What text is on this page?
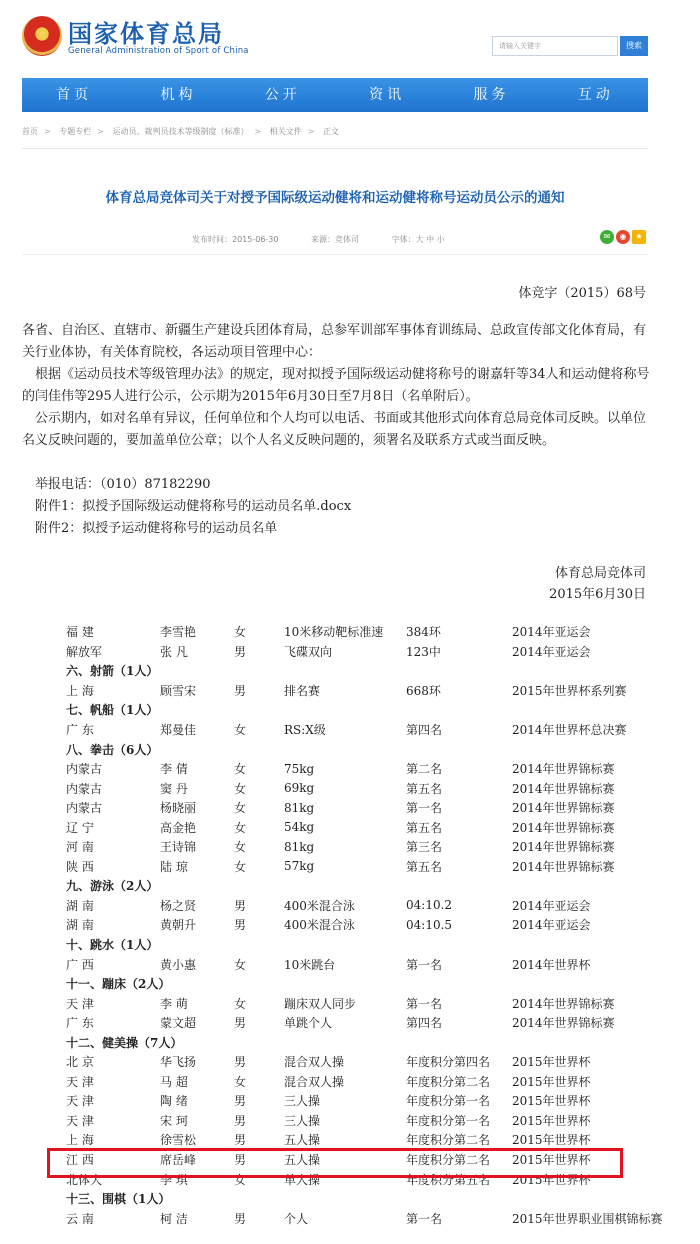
★ 国家体育总局
General Administration of Sport of China	请输入关键字	搜索
首页	机构	公开	资讯	服务	互动
首页 > 专题专栏 > 运动员、裁判员技术等级制度（标准） > 相关文件 > 正文
体育总局竞体司关于对授予国际级运动健将和运动健将称号运动员公示的通知
发布时间：2015-06-30	来源：竞体司	字体：大 中 小	✉	◉	★
体竞字（2015）68号
各省、自治区、直辖市、新疆生产建设兵团体育局，总参军训部军事体育训练局、总政宣传部文化体育局，有关行业体协，有关体育院校，各运动项目管理中心：
根据《运动员技术等级管理办法》的规定，现对拟授予国际级运动健将称号的谢嘉轩等34人和运动健将称号的闫佳伟等295人进行公示，公示期为2015年6月30日至7月8日（名单附后）。
公示期内，如对名单有异议，任何单位和个人均可以电话、书面或其他形式向体育总局竞体司反映。以单位名义反映问题的，要加盖单位公章；以个人名义反映问题的，须署名及联系方式或当面反映。
举报电话：（010）87182290
附件1：拟授予国际级运动健将称号的运动员名单.docx
附件2：拟授予运动健将称号的运动员名单
体育总局竞体司
2015年6月30日
福 建	李雪艳	女	10米移动靶标准速	384环	2014年亚运会
解放军	张 凡	男	飞碟双向	123中	2014年亚运会
六、射箭（1人）					
上 海	顾雪宋	男	排名赛	668环	2015年世界杯系列赛
七、帆船（1人）					
广 东	郑曼佳	女	RS:X级	第四名	2014年世界杯总决赛
八、拳击（6人）					
内蒙古	李 倩	女	75kg	第二名	2014年世界锦标赛
内蒙古	窦 丹	女	69kg	第五名	2014年世界锦标赛
内蒙古	杨晓丽	女	81kg	第一名	2014年世界锦标赛
辽 宁	高金艳	女	54kg	第五名	2014年世界锦标赛
河 南	王诗锦	女	81kg	第三名	2014年世界锦标赛
陕 西	陆 琼	女	57kg	第五名	2014年世界锦标赛
九、游泳（2人）					
湖 南	杨之贤	男	400米混合泳	04:10.2	2014年亚运会
湖 南	黄朝升	男	400米混合泳	04:10.5	2014年亚运会
十、跳水（1人）					
广 西	黄小惠	女	10米跳台	第一名	2014年世界杯
十一、蹦床（2人）					
天 津	李 萌	女	蹦床双人同步	第一名	2014年世界锦标赛
广 东	蒙文超	男	单跳个人	第四名	2014年世界锦标赛
十二、健美操（7人）					
北 京	华飞扬	男	混合双人操	年度积分第四名	2015年世界杯
天 津	马 超	女	混合双人操	年度积分第二名	2015年世界杯
天 津	陶 绪	男	三人操	年度积分第一名	2015年世界杯
天 津	宋 珂	男	三人操	年度积分第一名	2015年世界杯
上 海	徐雪松	男	五人操	年度积分第二名	2015年世界杯
江 西	席岳峰	男	五人操	年度积分第二名	2015年世界杯
北体大	李 琪	女	单人操	年度积分第五名	2015年世界杯
十三、围棋（1人）					
云 南	柯 洁	男	个人	第一名	2015年世界职业围棋锦标赛
